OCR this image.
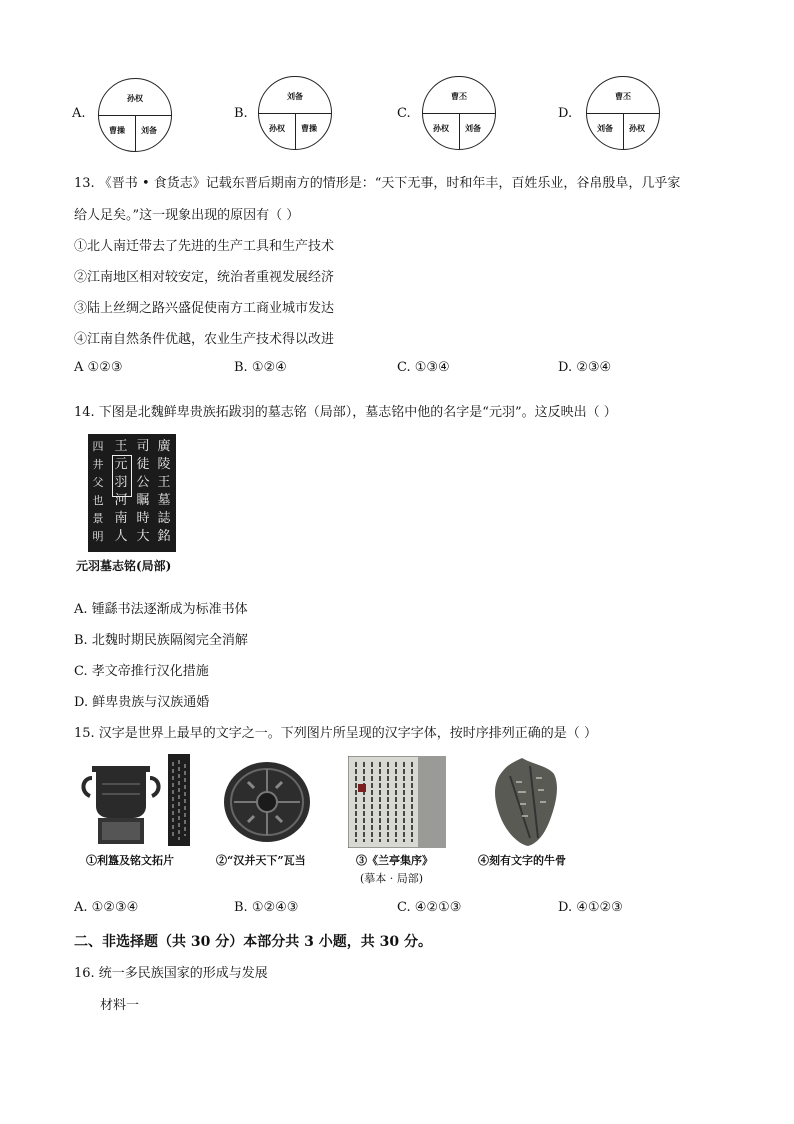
A.
孙权
曹操 刘备
B.
刘备
孙权 曹操
C.
曹丕
孙权 刘备
D.
曹丕
刘备 孙权
13. 《晋书 • 食货志》记载东晋后期南方的情形是：“天下无事，时和年丰，百姓乐业，谷帛殷阜，几乎家
给人足矣。”这一现象出现的原因有（ ）
①北人南迁带去了先进的生产工具和生产技术
②江南地区相对较安定，统治者重视发展经济
③陆上丝绸之路兴盛促使南方工商业城市发达
④江南自然条件优越，农业生产技术得以改进
A ①②③	B. ①②④	C. ①③④	D. ②③④
14. 下图是北魏鲜卑贵族拓跋羽的墓志铭（局部），墓志铭中他的名字是“元羽”。这反映出（ ）
四
井
父
也
景
明
王
元
羽
河
南
人
司
徒
公
瞩
時
大
廣
陵
王
墓
誌
銘
元羽墓志铭(局部)
A. 锺繇书法逐渐成为标准书体
B. 北魏时期民族隔阂完全消解
C. 孝文帝推行汉化措施
D. 鲜卑贵族与汉族通婚
15. 汉字是世界上最早的文字之一。下列图片所呈现的汉字字体，按时序排列正确的是（ ）
①利簋及铭文拓片	②“汉并天下”瓦当	③《兰亭集序》
(摹本 · 局部)
④刻有文字的牛骨
A. ①②③④	B. ①②④③	C. ④②①③	D. ④①②③
二、非选择题（共 30 分）本部分共 3 小题，共 30 分。
16. 统一多民族国家的形成与发展
材料一
